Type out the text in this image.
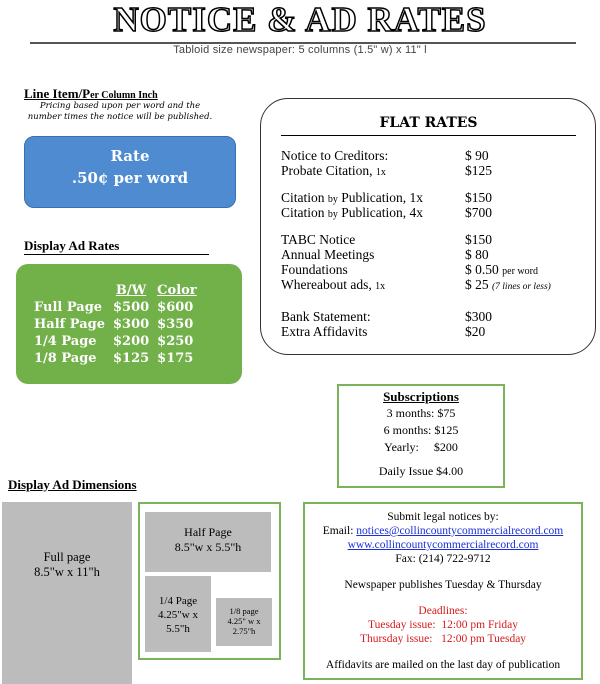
NOTICE & AD RATES
Tabloid size newspaper: 5 columns (1.5" w) x 11" l
Line Item/Per Column Inch
Pricing based upon per word and the
number times the notice will be published.
Rate
.50¢ per word
Display Ad Rates
	B/W	Color
Full Page	$500	$600
Half Page	$300	$350
1/4 Page	$200	$250
1/8 Page	$125	$175
FLAT RATES
Notice to Creditors:	$ 90
Probate Citation, 1x	$125
Citation by Publication, 1x	$150
Citation by Publication, 4x	$700
TABC Notice	$150
Annual Meetings	$ 80
Foundations	$ 0.50 per word
Whereabout ads, 1x	$ 25 (7 lines or less)
Bank Statement:	$300
Extra Affidavits	$20
Subscriptions
3 months: $75
6 months: $125
Yearly:     $200
Daily Issue $4.00
Display Ad Dimensions
Full page
8.5"w x 11"h
Half Page
8.5"w x 5.5"h
1/4 Page
4.25"w x
5.5"h
1/8 page
4.25" w x
2.75"h
Submit legal notices by:
Email: notices@collincountycommercialrecord.com
www.collincountycommercialrecord.com
Fax: (214) 722-9712
Newspaper publishes Tuesday & Thursday
Deadlines:
Tuesday issue:  12:00 pm Friday
Thursday issue:   12:00 pm Tuesday
Affidavits are mailed on the last day of publication
